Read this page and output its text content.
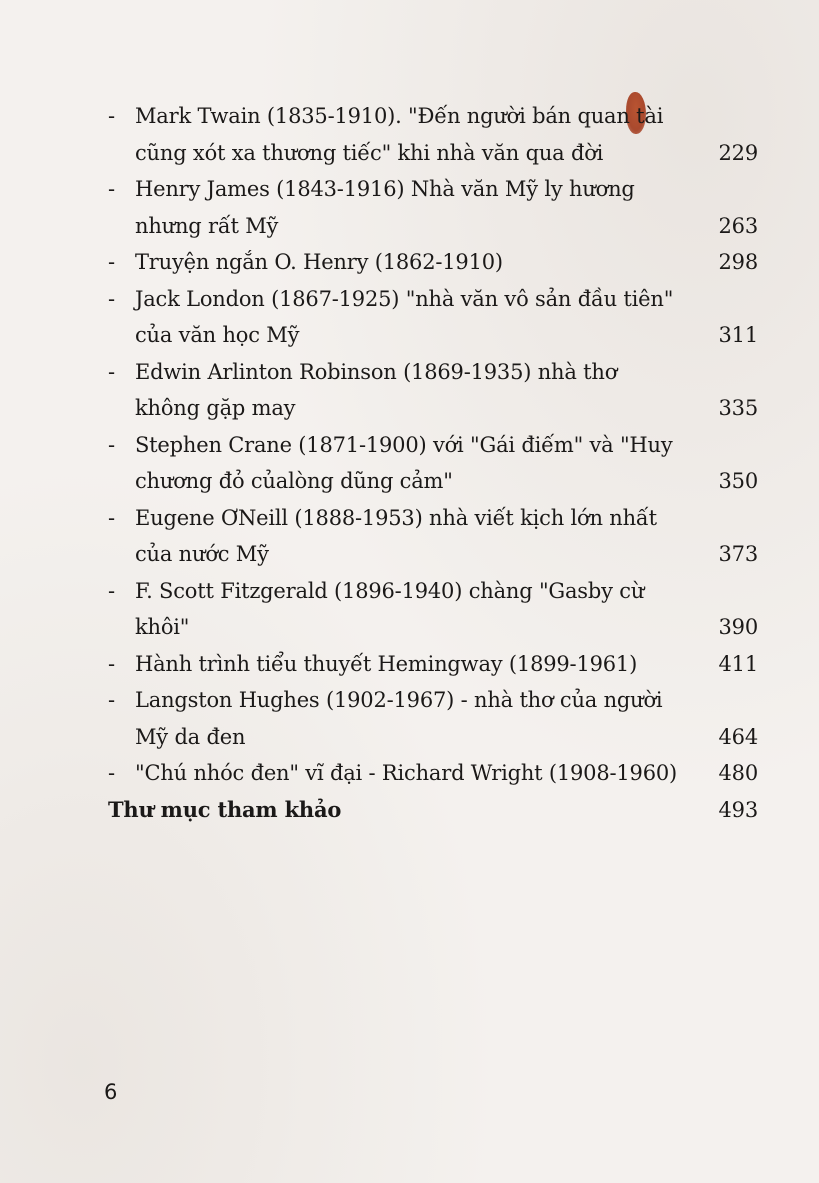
- Mark Twain (1835-1910). "Đến người bán quan tài
cũng xót xa thương tiếc" khi nhà văn qua đời	229
- Henry James (1843-1916) Nhà văn Mỹ ly hương
nhưng rất Mỹ	263
- Truyện ngắn O. Henry (1862-1910)	298
- Jack London (1867-1925) "nhà văn vô sản đầu tiên"
của văn học Mỹ	311
- Edwin Arlinton Robinson (1869-1935) nhà thơ
không gặp may	335
- Stephen Crane (1871-1900) với "Gái điếm" và "Huy
chương đỏ củalòng dũng cảm"	350
- Eugene ƠNeill (1888-1953) nhà viết kịch lớn nhất
của nước Mỹ	373
- F. Scott Fitzgerald (1896-1940) chàng "Gasby cừ khôi"	390
- Hành trình tiểu thuyết Hemingway (1899-1961)	411
- Langston Hughes (1902-1967) - nhà thơ của người
Mỹ da đen	464
- "Chú nhóc đen" vĩ đại - Richard Wright (1908-1960)	480
Thư mục tham khảo	493
6
